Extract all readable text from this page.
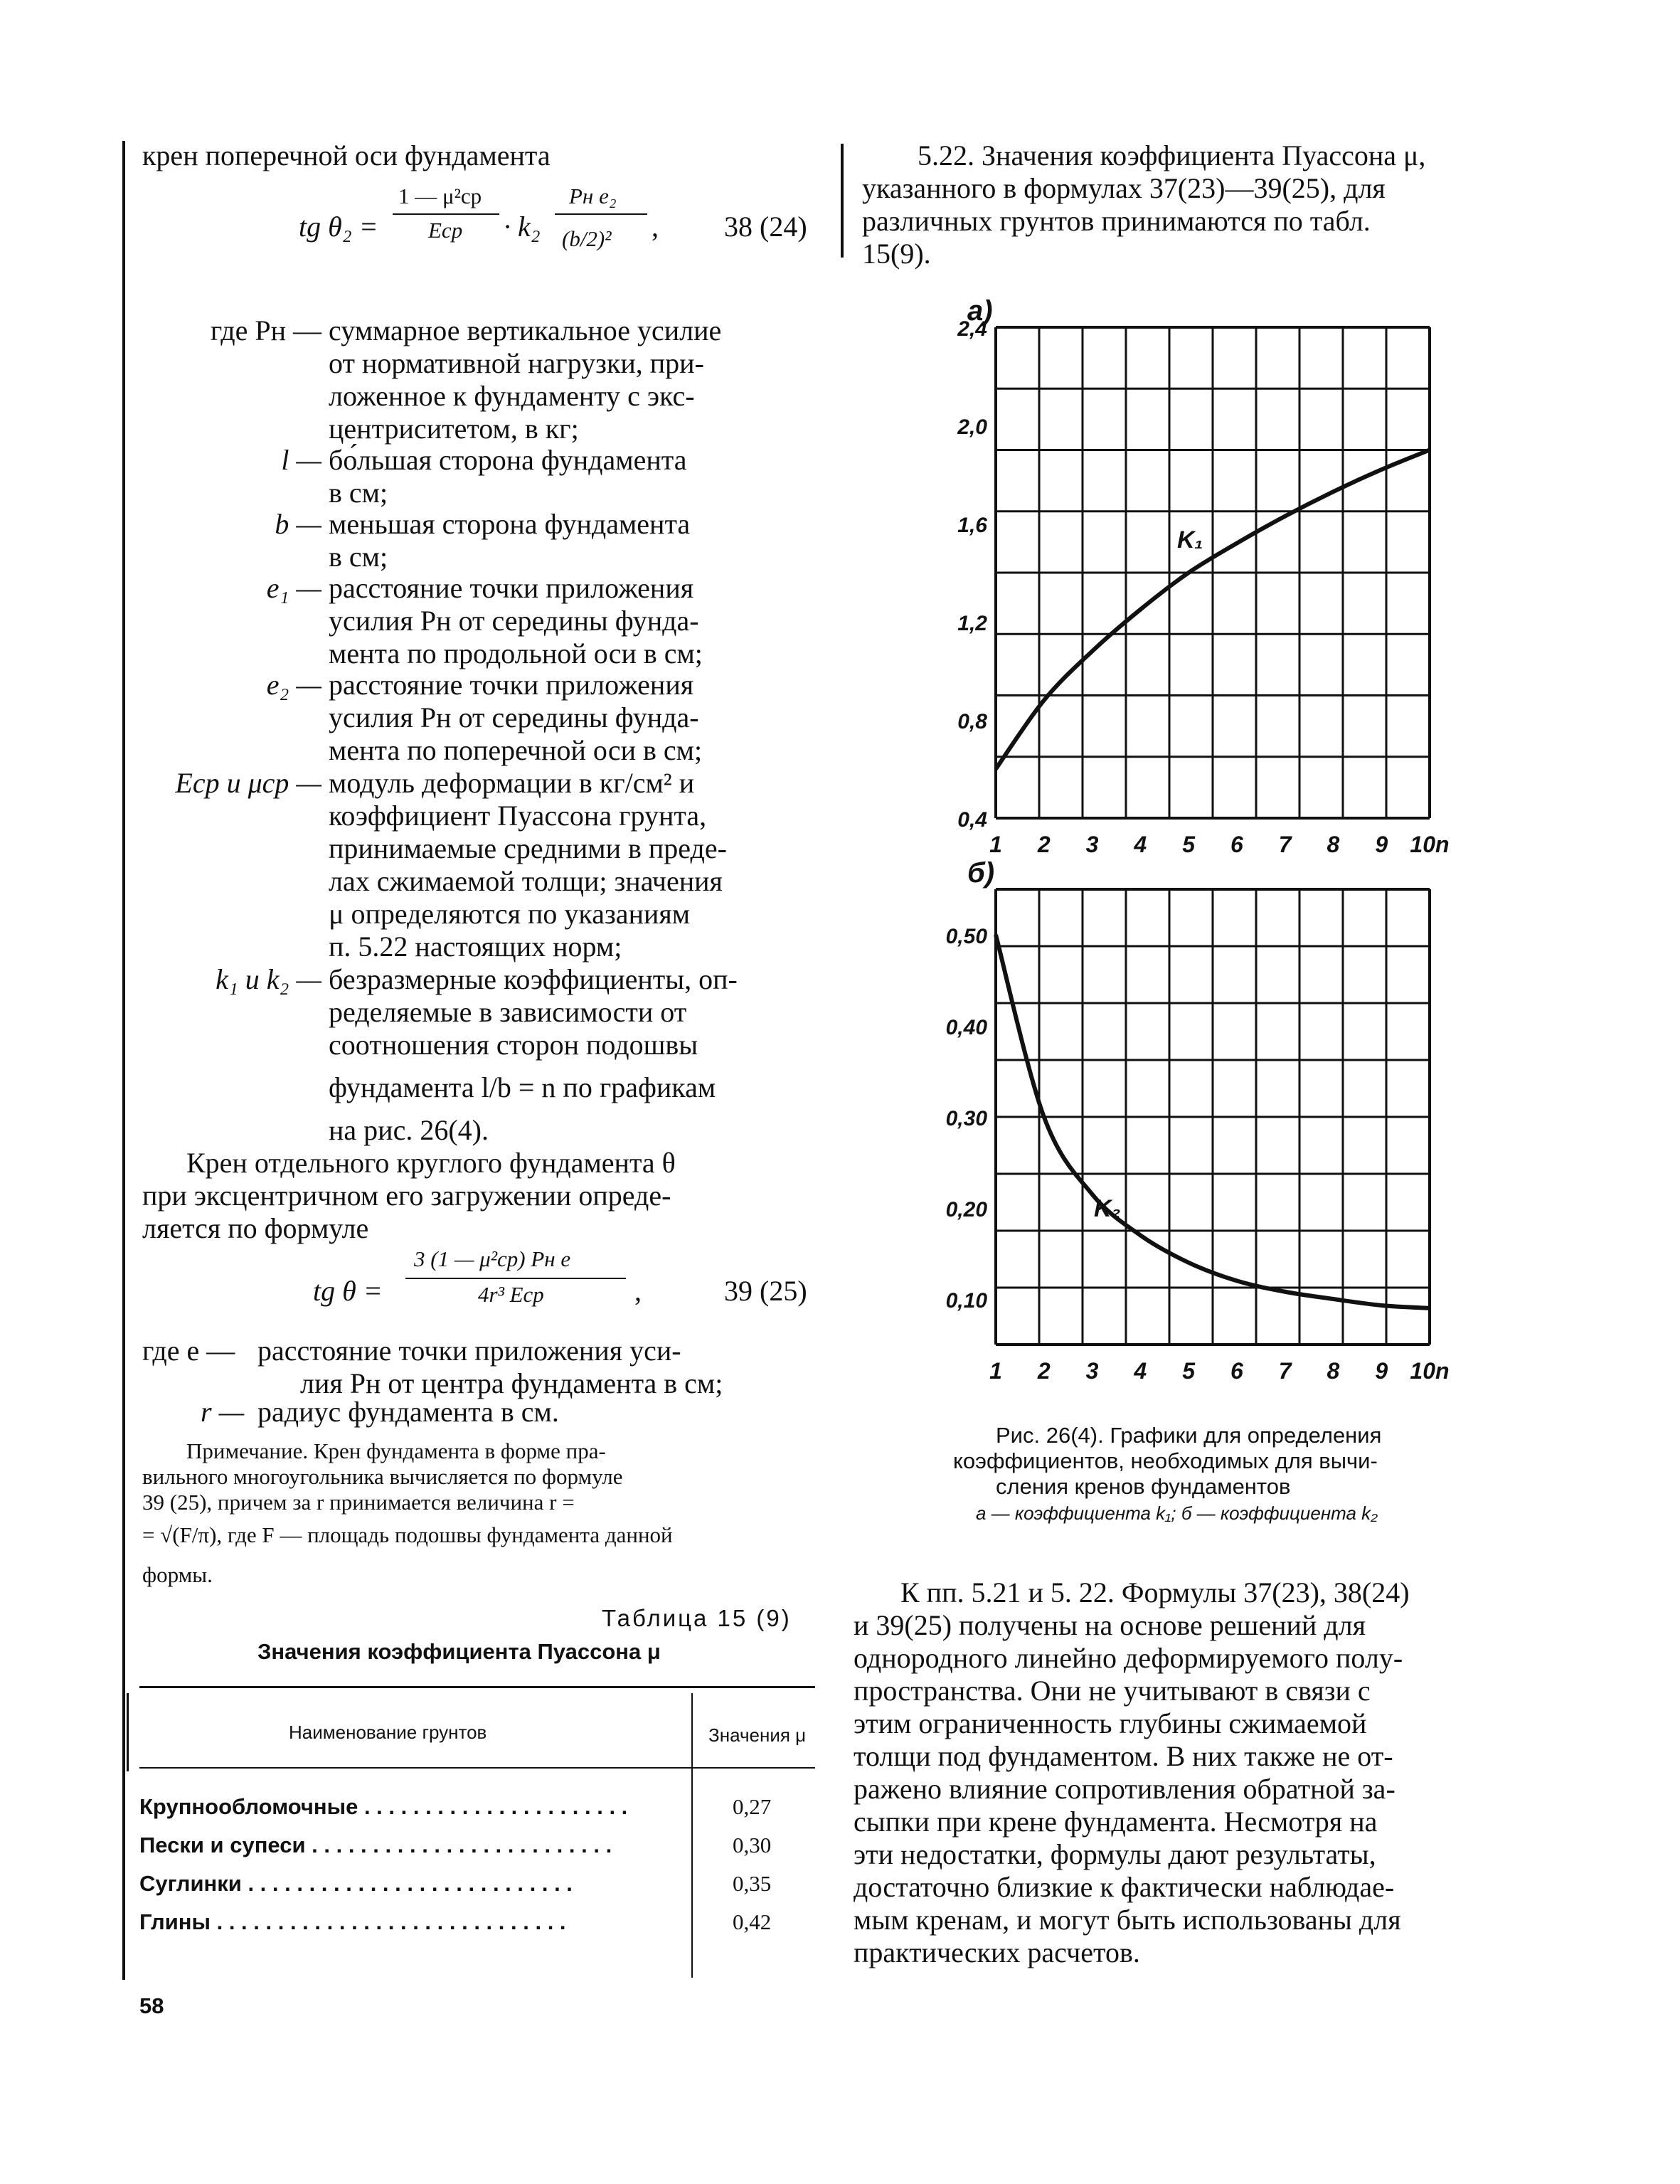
крен поперечной оси фундамента
tg θ₂ =
1 — μ²ср
Еср · k₂
Pн e₂
(b/2)² , 38 (24)
где Pн — суммарное вертикальное усилие
от нормативной нагрузки, при-
ложенное к фундаменту с экс-
центриситетом, в кг;
l — бо́льшая сторона фундамента
в см;
b — меньшая сторона фундамента
в см;
e₁ — расстояние точки приложения
усилия Pн от середины фунда-
мента по продольной оси в см;
e₂ — расстояние точки приложения
усилия Pн от середины фунда-
мента по поперечной оси в см;
Eср и μср — модуль деформации в кг/см² и
коэффициент Пуассона грунта,
принимаемые средними в преде-
лах сжимаемой толщи; значения
μ определяются по указаниям
п. 5.22 настоящих норм;
k₁ и k₂ — безразмерные коэффициенты, оп-
ределяемые в зависимости от
соотношения сторон подошвы
фундамента l/b = n по графикам
на рис. 26(4).
Крен отдельного круглого фундамента θ
при эксцентричном его загружении опреде-
ляется по формуле
tg θ =
3 (1 — μ²ср) Pн e
4r³ Eср	,	39 (25)
где e — расстояние точки приложения уси-
лия Pн от центра фундамента в см;
r — радиус фундамента в см.
Примечание. Крен фундамента в форме пра-
вильного многоугольника вычисляется по формуле
39 (25), причем за r принимается величина r =
= √(F/π), где F — площадь подошвы фундамента данной
формы.
Таблица 15 (9)
Значения коэффициента Пуассона μ
Наименование грунтов	Значения μ
Крупнообломочные . . . . . . . . . . . . . . . . . . . . . .	0,27
Пески и супеси . . . . . . . . . . . . . . . . . . . . . . . . .	0,30
Суглинки . . . . . . . . . . . . . . . . . . . . . . . . . . .	0,35
Глины . . . . . . . . . . . . . . . . . . . . . . . . . . . . .	0,42
58
5.22. Значения коэффициента Пуассона μ,
указанного в формулах 37(23)—39(25), для
различных грунтов принимаются по табл.
15(9).
а)
2,4
2,0
1,6
1,2
0,8
0,4
1 2 3 4 5 6 7 8 9 10n
K₁
б)
0,50
0,40
0,30
0,20
0,10
1 2 3 4 5 6 7 8 9 10n
K₂
Рис. 26(4). Графики для определения
коэффициентов, необходимых для вычи-
сления кренов фундаментов
а — коэффициента k₁; б — коэффициента k₂
К пп. 5.21 и 5. 22. Формулы 37(23), 38(24)
и 39(25) получены на основе решений для
однородного линейно деформируемого полу-
пространства. Они не учитывают в связи с
этим ограниченность глубины сжимаемой
толщи под фундаментом. В них также не от-
ражено влияние сопротивления обратной за-
сыпки при крене фундамента. Несмотря на
эти недостатки, формулы дают результаты,
достаточно близкие к фактически наблюдае-
мым кренам, и могут быть использованы для
практических расчетов.
